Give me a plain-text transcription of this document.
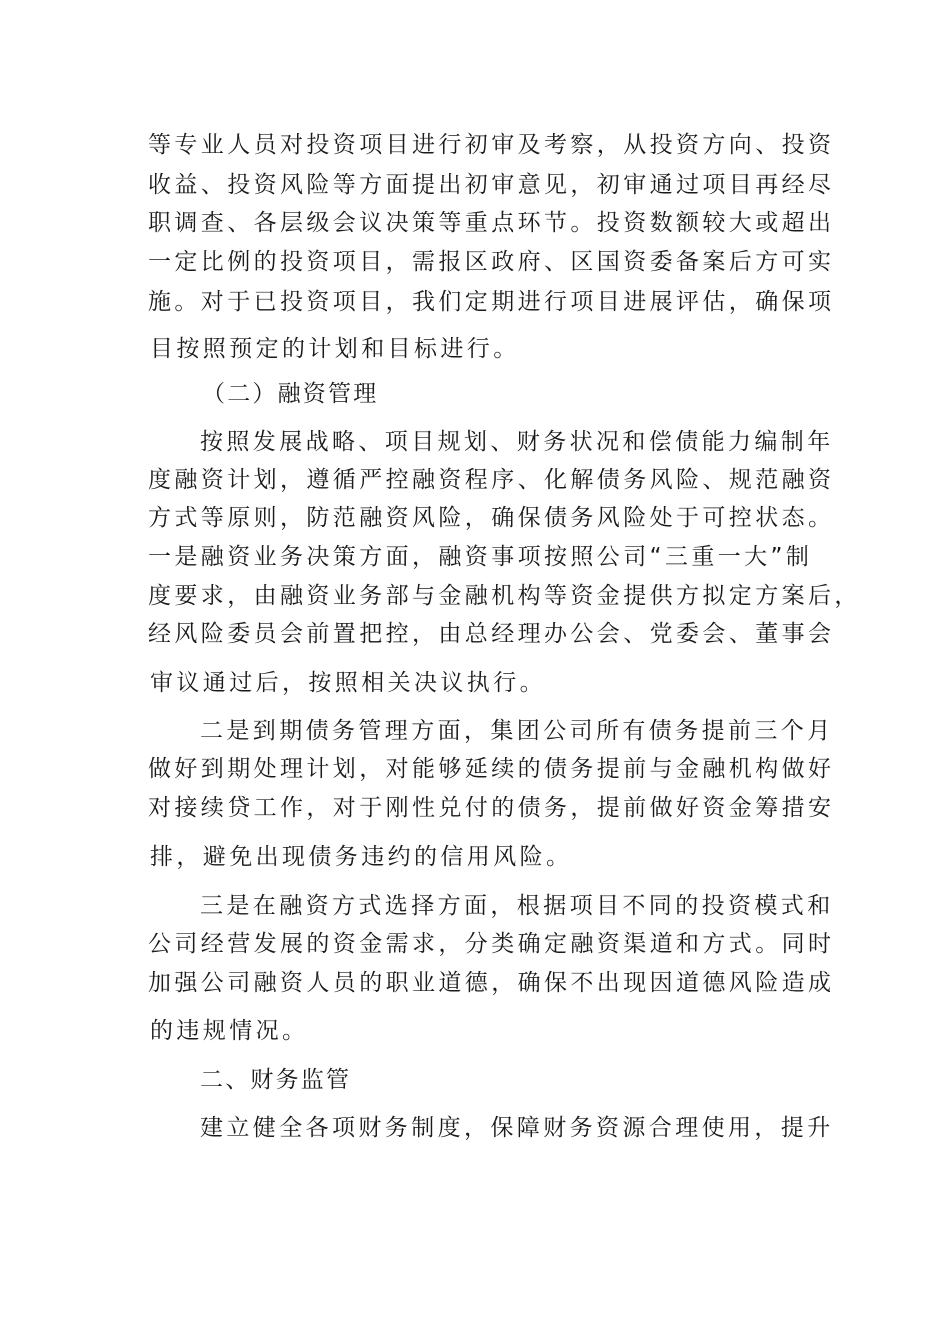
等专业人员对投资项目进行初审及考察，从投资方向、投资
收益、投资风险等方面提出初审意见，初审通过项目再经尽
职调查、各层级会议决策等重点环节。投资数额较大或超出
一定比例的投资项目，需报区政府、区国资委备案后方可实
施。对于已投资项目，我们定期进行项目进展评估，确保项
目按照预定的计划和目标进行。
（二）融资管理
按照发展战略、项目规划、财务状况和偿债能力编制年
度融资计划，遵循严控融资程序、化解债务风险、规范融资
方式等原则，防范融资风险，确保债务风险处于可控状态。
一是融资业务决策方面，融资事项按照公司“三重一大”制
度要求，由融资业务部与金融机构等资金提供方拟定方案后，
经风险委员会前置把控，由总经理办公会、党委会、董事会
审议通过后，按照相关决议执行。
二是到期债务管理方面，集团公司所有债务提前三个月
做好到期处理计划，对能够延续的债务提前与金融机构做好
对接续贷工作，对于刚性兑付的债务，提前做好资金筹措安
排，避免出现债务违约的信用风险。
三是在融资方式选择方面，根据项目不同的投资模式和
公司经营发展的资金需求，分类确定融资渠道和方式。同时
加强公司融资人员的职业道德，确保不出现因道德风险造成
的违规情况。
二、财务监管
建立健全各项财务制度，保障财务资源合理使用，提升
